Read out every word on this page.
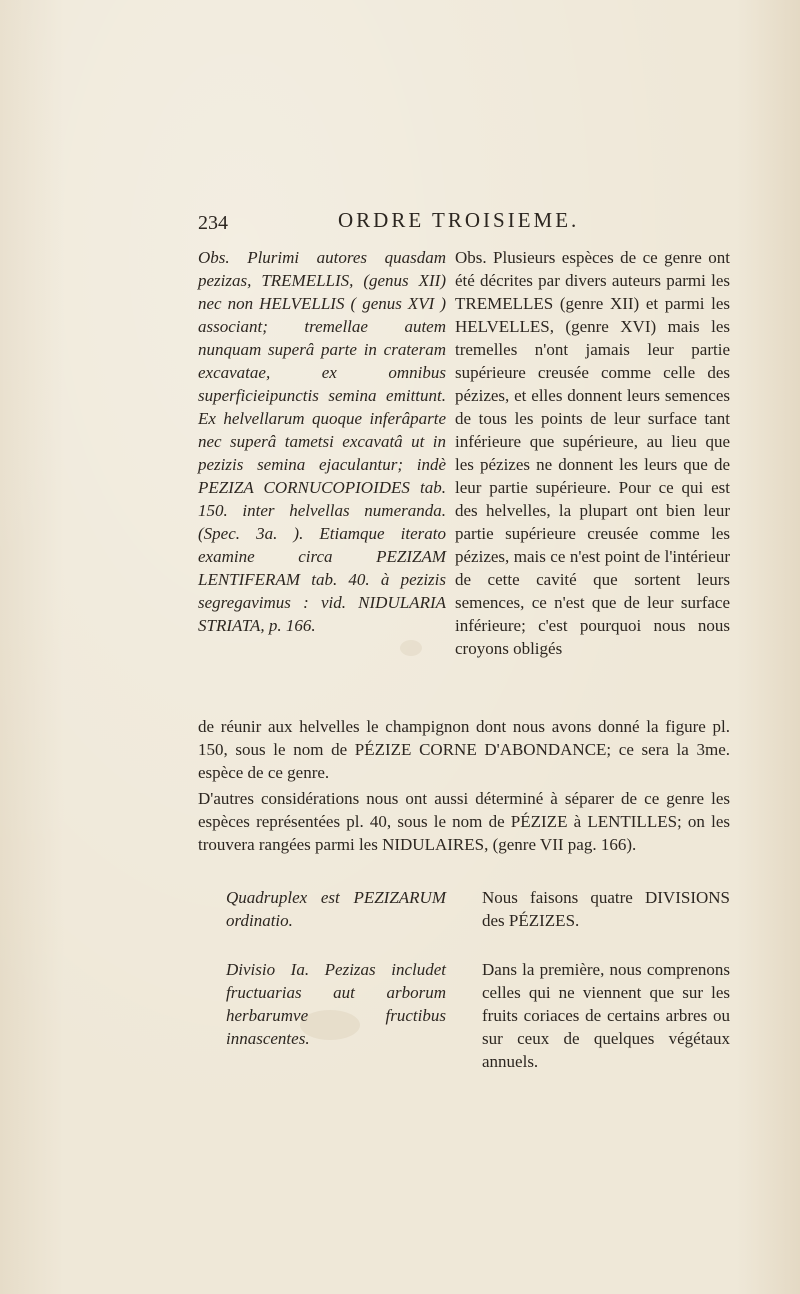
234	ORDRE TROISIEME.

Obs. Plurimi autores quasdam pezizas, TREMELLIS, (genus XII) nec non HELVELLIS ( genus XVI ) associant; tremellae autem nunquam superâ parte in crateram excavatae, ex omnibus superficieipunctis semina emittunt. Ex helvellarum quoque inferâparte nec superâ tametsi excavatâ ut in pezizis semina ejaculantur; indè PEZIZA CORNUCOPIOIDES tab. 150. inter helvellas numeranda. (Spec. 3a. ). Etiamque iterato examine circa PEZIZAM LENTIFERAM tab. 40. à pezizis segregavimus : vid. NIDULARIA STRIATA, p. 166.

Obs. Plusieurs espèces de ce genre ont été décrites par divers auteurs parmi les TREMELLES (genre XII) et parmi les HELVELLES, (genre XVI) mais les tremelles n'ont jamais leur partie supérieure creusée comme celle des pézizes, et elles donnent leurs semences de tous les points de leur surface tant inférieure que supérieure, au lieu que les pézizes ne donnent les leurs que de leur partie supérieure. Pour ce qui est des helvelles, la plupart ont bien leur partie supérieure creusée comme les pézizes, mais ce n'est point de l'intérieur de cette cavité que sortent leurs semences, ce n'est que de leur surface inférieure; c'est pourquoi nous nous croyons obligés

de réunir aux helvelles le champignon dont nous avons donné la figure pl. 150, sous le nom de PÉZIZE CORNE D'ABONDANCE; ce sera la 3me. espèce de ce genre.

D'autres considérations nous ont aussi déterminé à séparer de ce genre les espèces représentées pl. 40, sous le nom de PÉZIZE à LENTILLES; on les trouvera rangées parmi les NIDULAIRES, (genre VII pag. 166).

Quadruplex est PEZIZARUM ordinatio.

Nous faisons quatre DIVISIONS des PÉZIZES.

Divisio Ia. Pezizas includet fructuarias aut arborum herbarumve fructibus innascentes.

Dans la première, nous comprenons celles qui ne viennent que sur les fruits coriaces de certains arbres ou sur ceux de quelques végétaux annuels.
